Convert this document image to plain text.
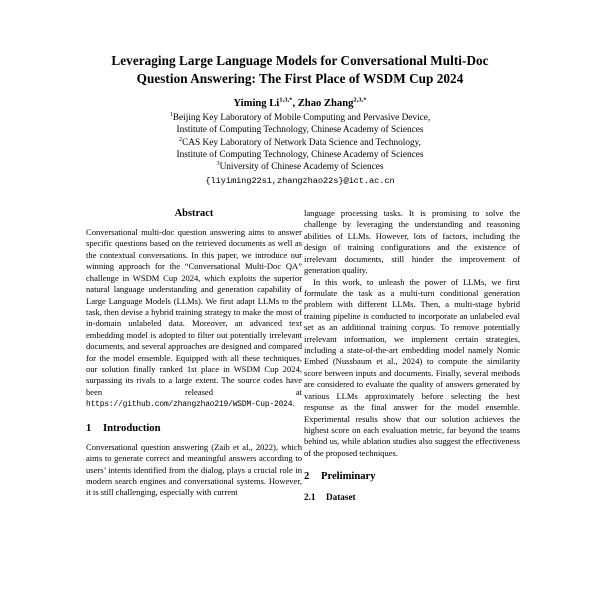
Leveraging Large Language Models for Conversational Multi-Doc
Question Answering: The First Place of WSDM Cup 2024
Yiming $Li^{1,3,*}$, Zhao Zhang$^{2,3,*}$
$^1$Beijing Key Laboratory of Mobile Computing and Pervasive Device,
Institute of Computing Technology, Chinese Academy of Sciences
$^2$CAS Key Laboratory of Network Data Science and Technology,
Institute of Computing Technology, Chinese Academy of Sciences
$^3$University of Chinese Academy of Sciences
{liyiming22s1,zhangzhao22s}@ict.ac.cn
Abstract

Conversational multi-doc question answering aims to answer specific questions based on the retrieved documents as well as the contextual conversations. In this paper, we introduce our winning approach for the “Conversational Multi-Doc QA” challenge in WSDM Cup 2024, which exploits the superior natural language understanding and generation capability of Large Language Models (LLMs). We first adapt LLMs to the task, then devise a hybrid training strategy to make the most of in-domain unlabeled data. Moreover, an advanced text embedding model is adopted to filter out potentially irrelevant documents, and several approaches are designed and compared for the model ensemble. Equipped with all these techniques, our solution finally ranked 1st place in WSDM Cup 2024, surpassing its rivals to a large extent. The source codes have been released at https://github.com/zhangzhao219/WSDM-Cup-2024.

1	Introduction

Conversational question answering (Zaib et al., 2022), which aims to generate correct and meaningful answers according to users’ intents identified from the dialog, plays a crucial role in modern search engines and conversational systems. However, it is still challenging, especially with current

language processing tasks. It is promising to solve the challenge by leveraging the understanding and reasoning abilities of LLMs. However, lots of factors, including the design of training configurations and the existence of irrelevant documents, still hinder the improvement of generation quality.

In this work, to unleash the power of LLMs, we first formulate the task as a multi-turn conditional generation problem with different LLMs. Then, a multi-stage hybrid training pipeline is conducted to incorporate an unlabeled eval set as an additional training corpus. To remove potentially irrelevant information, we implement certain strategies, including a state-of-the-art embedding model namely Nomic Embed (Nussbaum et al., 2024) to compute the similarity score between inputs and documents. Finally, several methods are considered to evaluate the quality of answers generated by various LLMs approximately before selecting the best response as the final answer for the model ensemble. Experimental results show that our solution achieves the highest score on each evaluation metric, far beyond the teams behind us, while ablation studies also suggest the effectiveness of the proposed techniques.

2	Preliminary
2.1	Dataset
